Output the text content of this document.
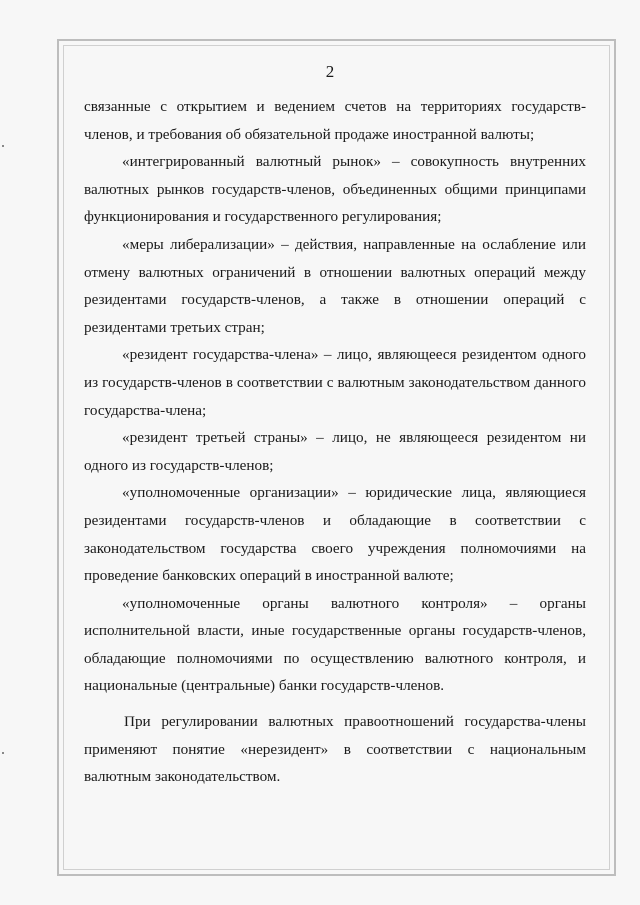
2

связанные с открытием и ведением счетов на территориях государств-членов, и требования об обязательной продаже иностранной валюты;

«интегрированный валютный рынок» – совокупность внутренних валютных рынков государств-членов, объединенных общими принципами функционирования и государственного регулирования;

«меры либерализации» – действия, направленные на ослабление или отмену валютных ограничений в отношении валютных операций между резидентами государств-членов, а также в отношении операций с резидентами третьих стран;

«резидент государства-члена» – лицо, являющееся резидентом одного из государств-членов в соответствии с валютным законодательством данного государства-члена;

«резидент третьей страны» – лицо, не являющееся резидентом ни одного из государств-членов;

«уполномоченные организации» – юридические лица, являющиеся резидентами государств-членов и обладающие в соответствии с законодательством государства своего учреждения полномочиями на проведение банковских операций в иностранной валюте;

«уполномоченные органы валютного контроля» – органы исполнительной власти, иные государственные органы государств-членов, обладающие полномочиями по осуществлению валютного контроля, и национальные (центральные) банки государств-членов.

При регулировании валютных правоотношений государства-члены применяют понятие «нерезидент» в соответствии с национальным валютным законодательством.
